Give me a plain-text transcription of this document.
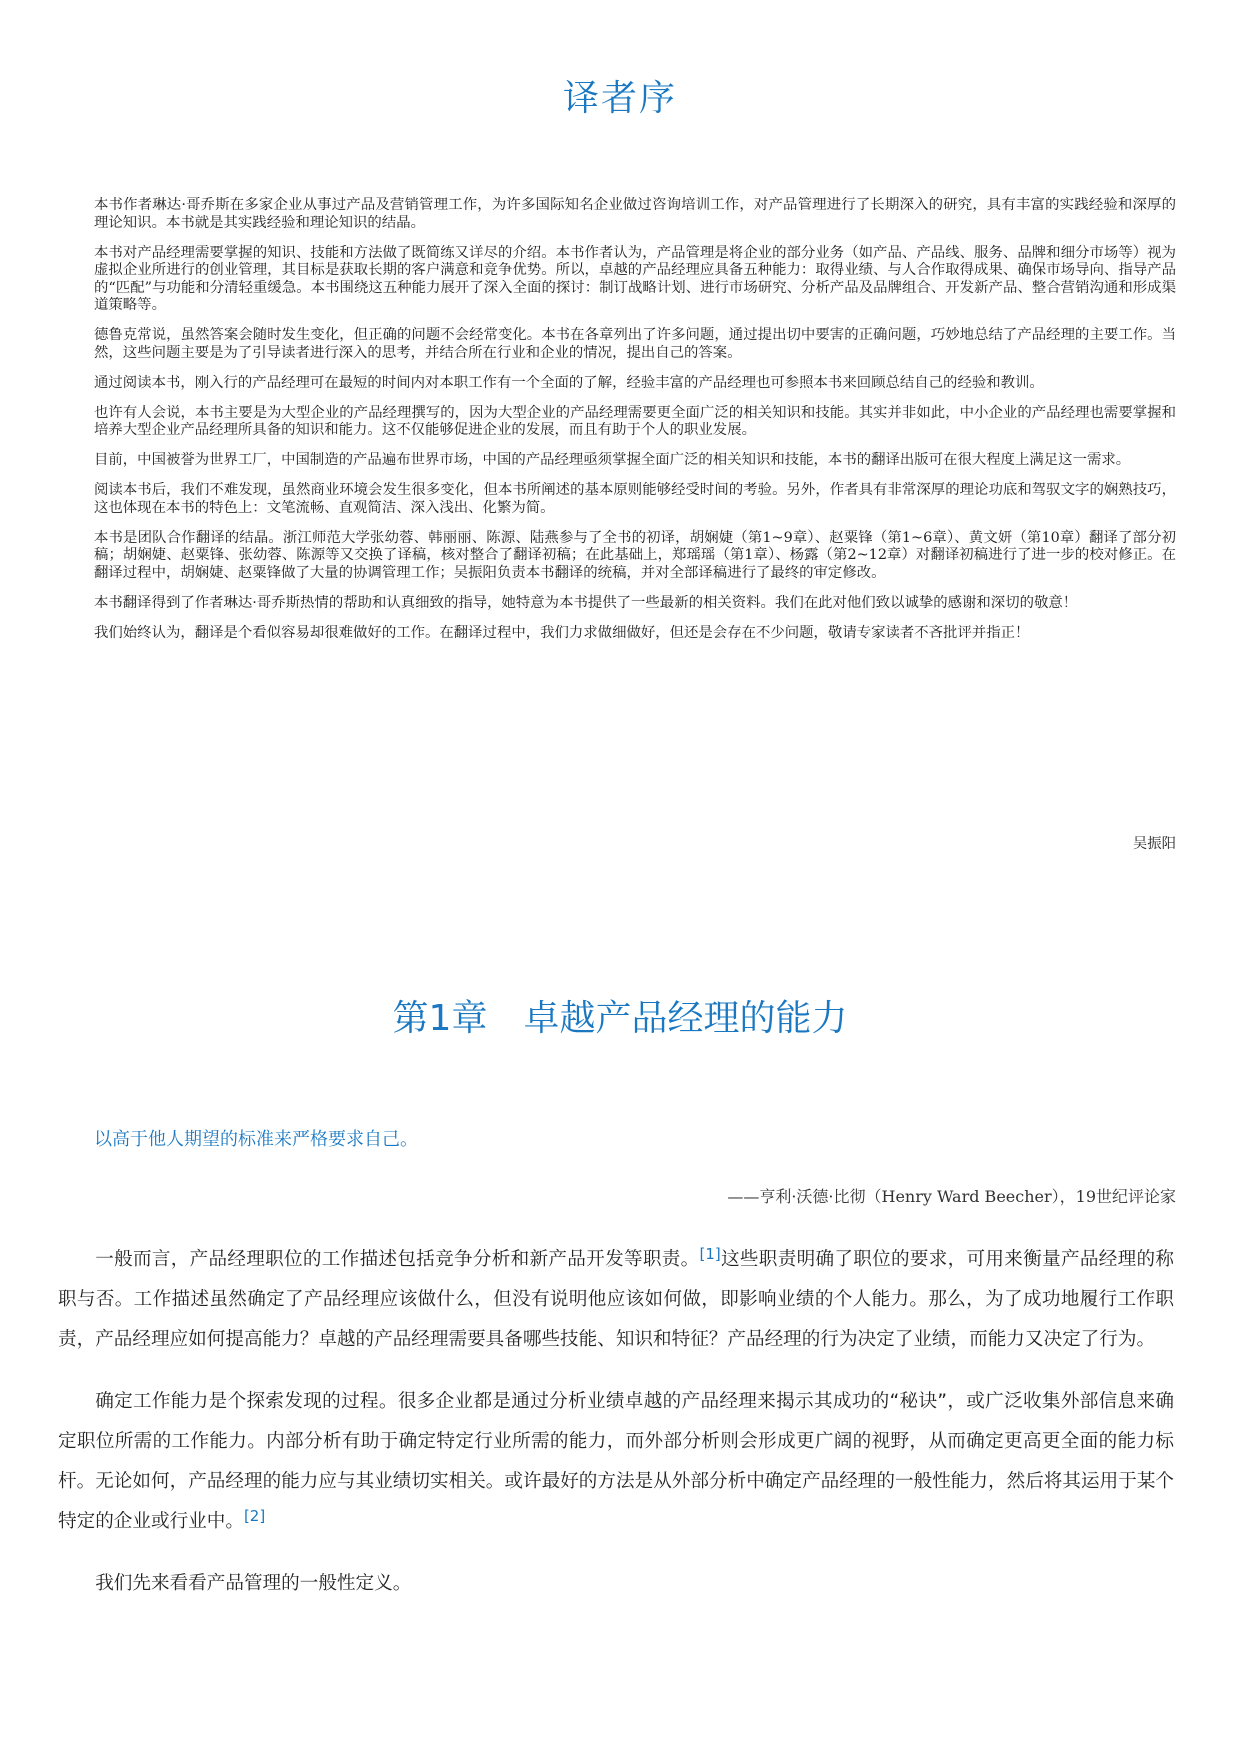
译者序

本书作者琳达·哥乔斯在多家企业从事过产品及营销管理工作，为许多国际知名企业做过咨询培训工作，对产品管理进行了长期深入的研究，具有丰富的实践经验和深厚的理论知识。本书就是其实践经验和理论知识的结晶。

本书对产品经理需要掌握的知识、技能和方法做了既简练又详尽的介绍。本书作者认为，产品管理是将企业的部分业务（如产品、产品线、服务、品牌和细分市场等）视为虚拟企业所进行的创业管理，其目标是获取长期的客户满意和竞争优势。所以，卓越的产品经理应具备五种能力：取得业绩、与人合作取得成果、确保市场导向、指导产品的“匹配”与功能和分清轻重缓急。本书围绕这五种能力展开了深入全面的探讨：制订战略计划、进行市场研究、分析产品及品牌组合、开发新产品、整合营销沟通和形成渠道策略等。

德鲁克常说，虽然答案会随时发生变化，但正确的问题不会经常变化。本书在各章列出了许多问题，通过提出切中要害的正确问题，巧妙地总结了产品经理的主要工作。当然，这些问题主要是为了引导读者进行深入的思考，并结合所在行业和企业的情况，提出自己的答案。

通过阅读本书，刚入行的产品经理可在最短的时间内对本职工作有一个全面的了解，经验丰富的产品经理也可参照本书来回顾总结自己的经验和教训。

也许有人会说，本书主要是为大型企业的产品经理撰写的，因为大型企业的产品经理需要更全面广泛的相关知识和技能。其实并非如此，中小企业的产品经理也需要掌握和培养大型企业产品经理所具备的知识和能力。这不仅能够促进企业的发展，而且有助于个人的职业发展。

目前，中国被誉为世界工厂，中国制造的产品遍布世界市场，中国的产品经理亟须掌握全面广泛的相关知识和技能，本书的翻译出版可在很大程度上满足这一需求。

阅读本书后，我们不难发现，虽然商业环境会发生很多变化，但本书所阐述的基本原则能够经受时间的考验。另外，作者具有非常深厚的理论功底和驾驭文字的娴熟技巧，这也体现在本书的特色上：文笔流畅、直观简洁、深入浅出、化繁为简。

本书是团队合作翻译的结晶。浙江师范大学张幼蓉、韩丽丽、陈源、陆燕参与了全书的初译，胡娴婕（第1~9章）、赵粟锋（第1~6章）、黄文妍（第10章）翻译了部分初稿；胡娴婕、赵粟锋、张幼蓉、陈源等又交换了译稿，核对整合了翻译初稿；在此基础上，郑瑶瑶（第1章）、杨露（第2~12章）对翻译初稿进行了进一步的校对修正。在翻译过程中，胡娴婕、赵粟锋做了大量的协调管理工作；吴振阳负责本书翻译的统稿，并对全部译稿进行了最终的审定修改。

本书翻译得到了作者琳达·哥乔斯热情的帮助和认真细致的指导，她特意为本书提供了一些最新的相关资料。我们在此对他们致以诚挚的感谢和深切的敬意！

我们始终认为，翻译是个看似容易却很难做好的工作。在翻译过程中，我们力求做细做好，但还是会存在不少问题，敬请专家读者不吝批评并指正！

吴振阳
第1章　卓越产品经理的能力
以高于他人期望的标准来严格要求自己。
——亨利·沃德·比彻（Henry Ward Beecher），19世纪评论家

一般而言，产品经理职位的工作描述包括竞争分析和新产品开发等职责。[1]这些职责明确了职位的要求，可用来衡量产品经理的称职与否。工作描述虽然确定了产品经理应该做什么，但没有说明他应该如何做，即影响业绩的个人能力。那么，为了成功地履行工作职责，产品经理应如何提高能力？卓越的产品经理需要具备哪些技能、知识和特征？产品经理的行为决定了业绩，而能力又决定了行为。

确定工作能力是个探索发现的过程。很多企业都是通过分析业绩卓越的产品经理来揭示其成功的“秘诀”，或广泛收集外部信息来确定职位所需的工作能力。内部分析有助于确定特定行业所需的能力，而外部分析则会形成更广阔的视野，从而确定更高更全面的能力标杆。无论如何，产品经理的能力应与其业绩切实相关。或许最好的方法是从外部分析中确定产品经理的一般性能力，然后将其运用于某个特定的企业或行业中。[2]

我们先来看看产品管理的一般性定义。
